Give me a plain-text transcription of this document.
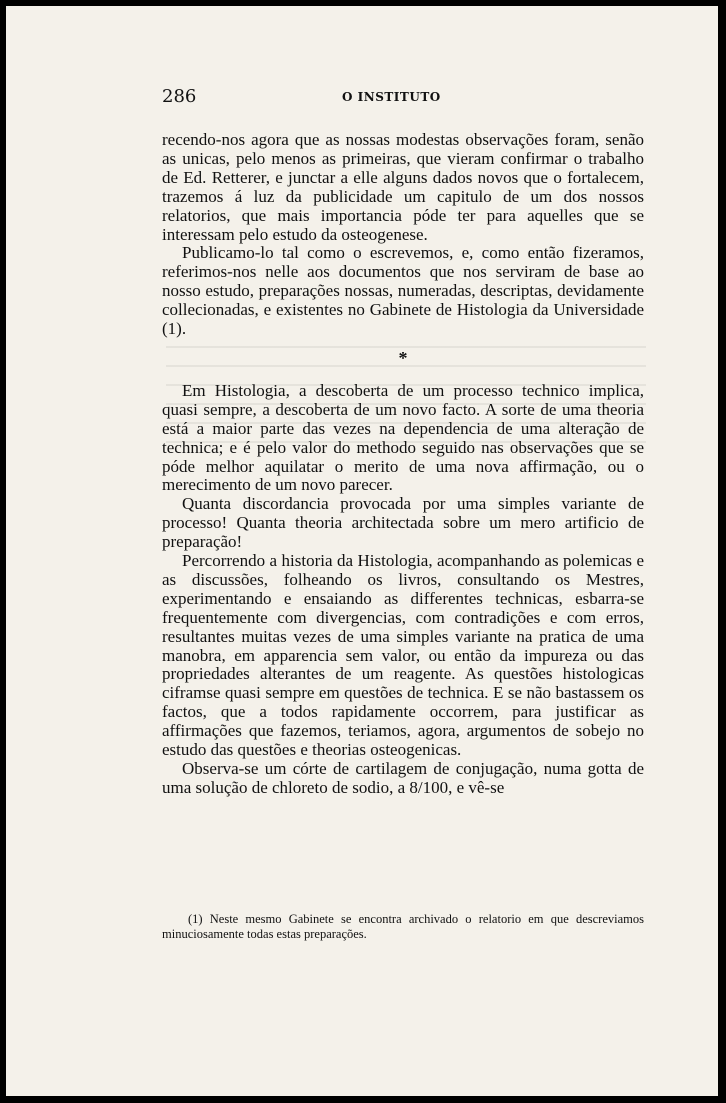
286	O INSTITUTO

recendo-nos agora que as nossas modestas observações foram, senão as unicas, pelo menos as primeiras, que vieram confirmar o trabalho de Ed. Retterer, e junctar a elle alguns dados novos que o fortalecem, trazemos á luz da publicidade um capitulo de um dos nossos relatorios, que mais importancia póde ter para aquelles que se interessam pelo estudo da osteogenese.

Publicamo-lo tal como o escrevemos, e, como então fizeramos, referimos-nos nelle aos documentos que nos serviram de base ao nosso estudo, preparações nossas, numeradas, descriptas, devidamente collecionadas, e existentes no Gabinete de Histologia da Universidade (1).

*

Em Histologia, a descoberta de um processo technico implica, quasi sempre, a descoberta de um novo facto. A sorte de uma theoria está a maior parte das vezes na dependencia de uma alteração de technica; e é pelo valor do methodo seguido nas observações que se póde melhor aquilatar o merito de uma nova affirmação, ou o merecimento de um novo parecer.

Quanta discordancia provocada por uma simples variante de processo! Quanta theoria architectada sobre um mero artificio de preparação!

Percorrendo a historia da Histologia, acompanhando as polemicas e as discussões, folheando os livros, consultando os Mestres, experimentando e ensaiando as differentes technicas, esbarra-se frequentemente com divergencias, com contradições e com erros, resultantes muitas vezes de uma simples variante na pratica de uma manobra, em apparencia sem valor, ou então da impureza ou das propriedades alterantes de um reagente. As questões histologicas ciframse quasi sempre em questões de technica. E se não bastassem os factos, que a todos rapidamente occorrem, para justificar as affirmações que fazemos, teriamos, agora, argumentos de sobejo no estudo das questões e theorias osteogenicas.

Observa-se um córte de cartilagem de conjugação, numa gotta de uma solução de chloreto de sodio, a 8/100, e vê-se

(1) Neste mesmo Gabinete se encontra archivado o relatorio em que descreviamos minuciosamente todas estas preparações.
